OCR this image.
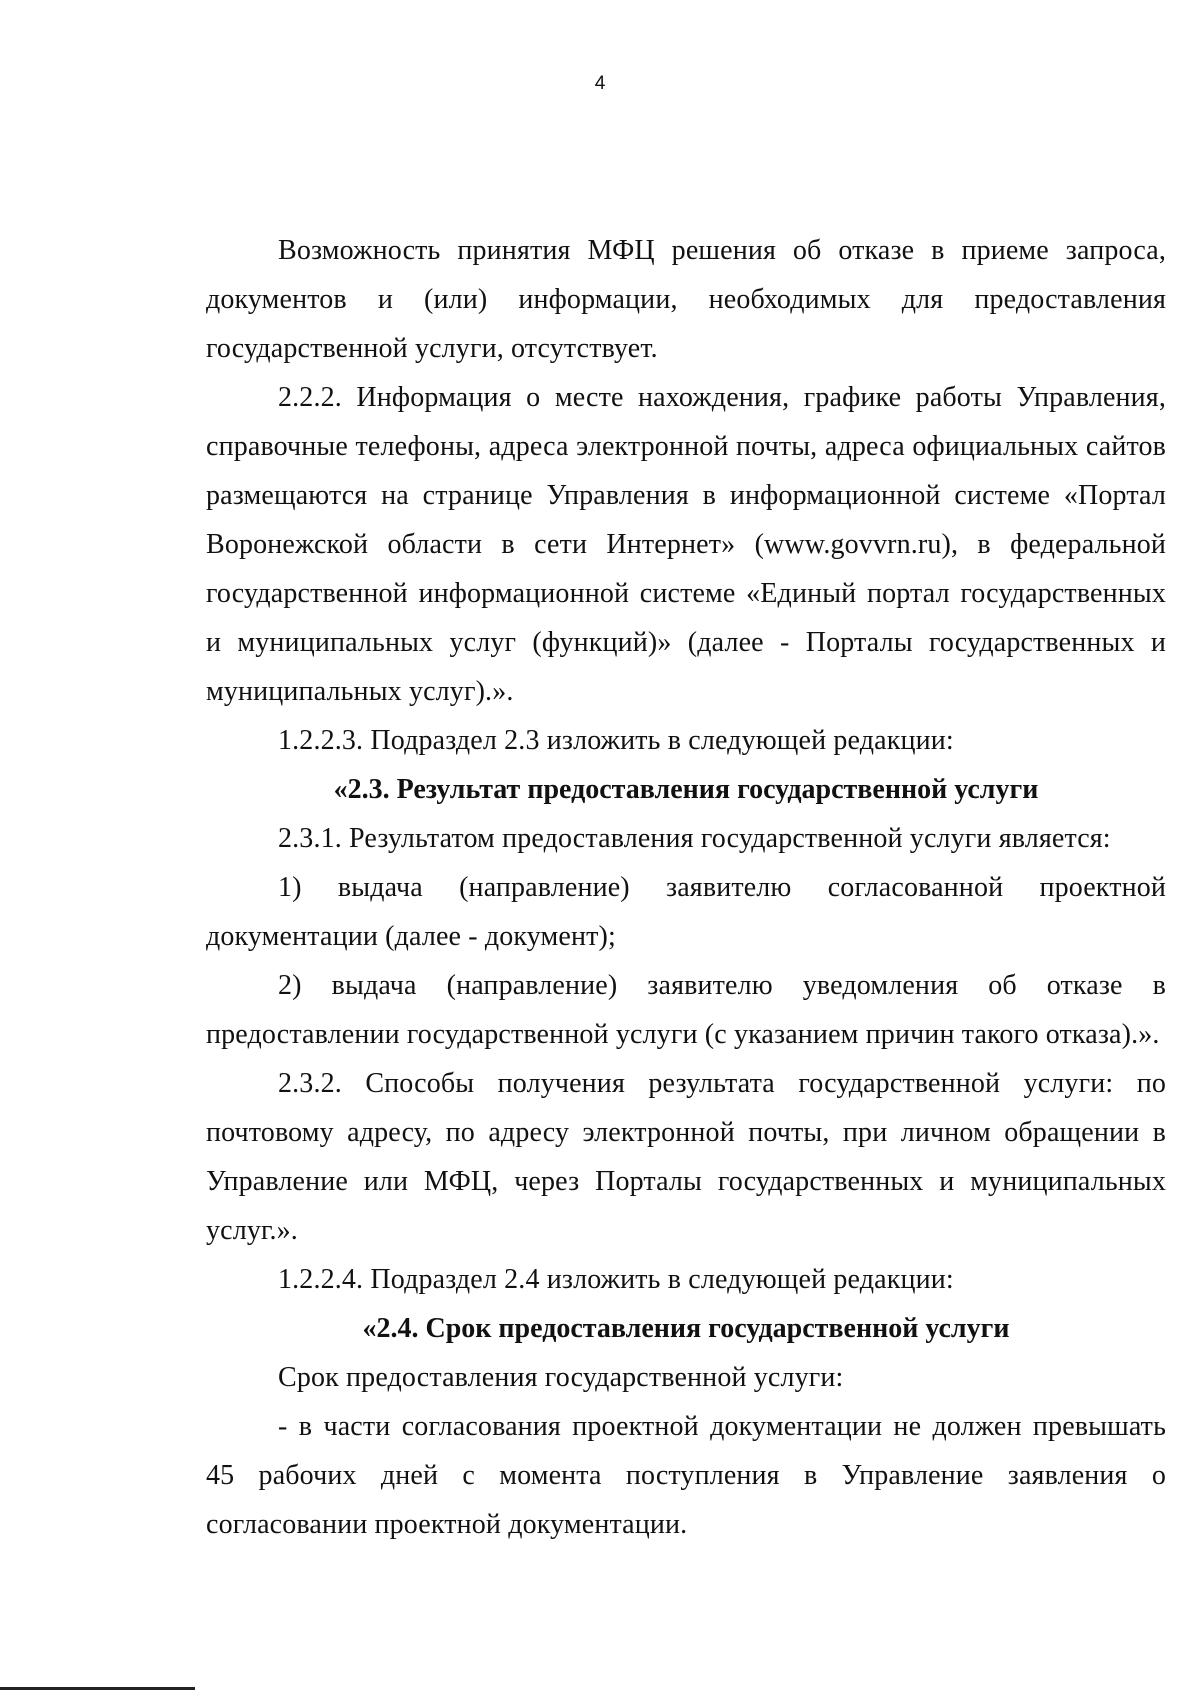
4

Возможность принятия МФЦ решения об отказе в приеме запроса, документов и (или) информации, необходимых для предоставления государственной услуги, отсутствует.

2.2.2. Информация о месте нахождения, графике работы Управления, справочные телефоны, адреса электронной почты, адреса официальных сайтов размещаются на странице Управления в информационной системе «Портал Воронежской области в сети Интернет» (www.govvrn.ru), в федеральной государственной информационной системе «Единый портал государственных и муниципальных услуг (функций)» (далее - Порталы государственных и муниципальных услуг).».

1.2.2.3. Подраздел 2.3 изложить в следующей редакции:

«2.3. Результат предоставления государственной услуги

2.3.1. Результатом предоставления государственной услуги является:

1) выдача (направление) заявителю согласованной проектной документации (далее - документ);

2) выдача (направление) заявителю уведомления об отказе в предоставлении государственной услуги (с указанием причин такого отказа).».

2.3.2. Способы получения результата государственной услуги: по почтовому адресу, по адресу электронной почты, при личном обращении в Управление или МФЦ, через Порталы государственных и муниципальных услуг.».

1.2.2.4. Подраздел 2.4 изложить в следующей редакции:

«2.4. Срок предоставления государственной услуги

Срок предоставления государственной услуги:

- в части согласования проектной документации не должен превышать 45 рабочих дней с момента поступления в Управление заявления о согласовании проектной документации.
